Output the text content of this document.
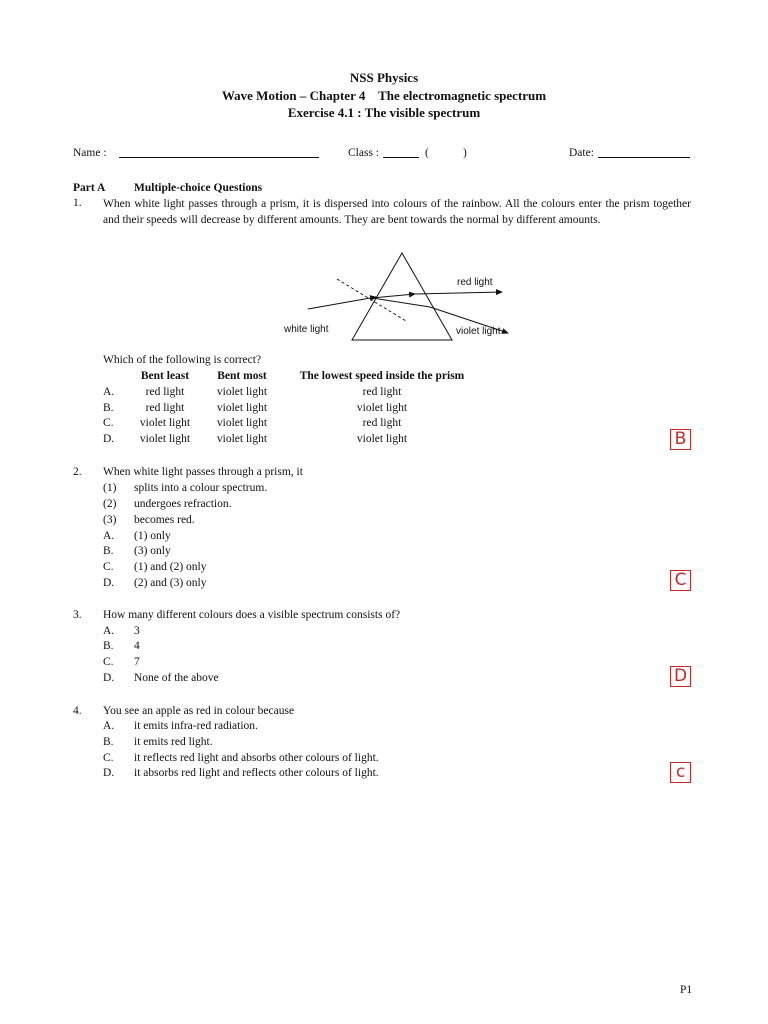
NSS Physics
Wave Motion – Chapter 4    The electromagnetic spectrum
Exercise 4.1 : The visible spectrum
Name :	Class :	(	)	Date:
Part A Multiple-choice Questions
1. When white light passes through a prism, it is dispersed into colours of the rainbow. All the colours enter the prism together and their speeds will decrease by different amounts. They are bent towards the normal by different amounts.
red light
white light	violet light
Which of the following is correct?
Bent least	Bent most	The lowest speed inside the prism
A.	red light	violet light	red light
B.	red light	violet light	violet light
C.	violet light	violet light	red light
D.	violet light	violet light	violet light	B
2. When white light passes through a prism, it
(1) splits into a colour spectrum.
(2) undergoes refraction.
(3) becomes red.
A. (1) only
B. (3) only
C. (1) and (2) only
D. (2) and (3) only	C
3. How many different colours does a visible spectrum consists of?
A. 3
B. 4
C. 7
D. None of the above	D
4. You see an apple as red in colour because
A. it emits infra-red radiation.
B. it emits red light.
C. it reflects red light and absorbs other colours of light.
D. it absorbs red light and reflects other colours of light.	c
P1
